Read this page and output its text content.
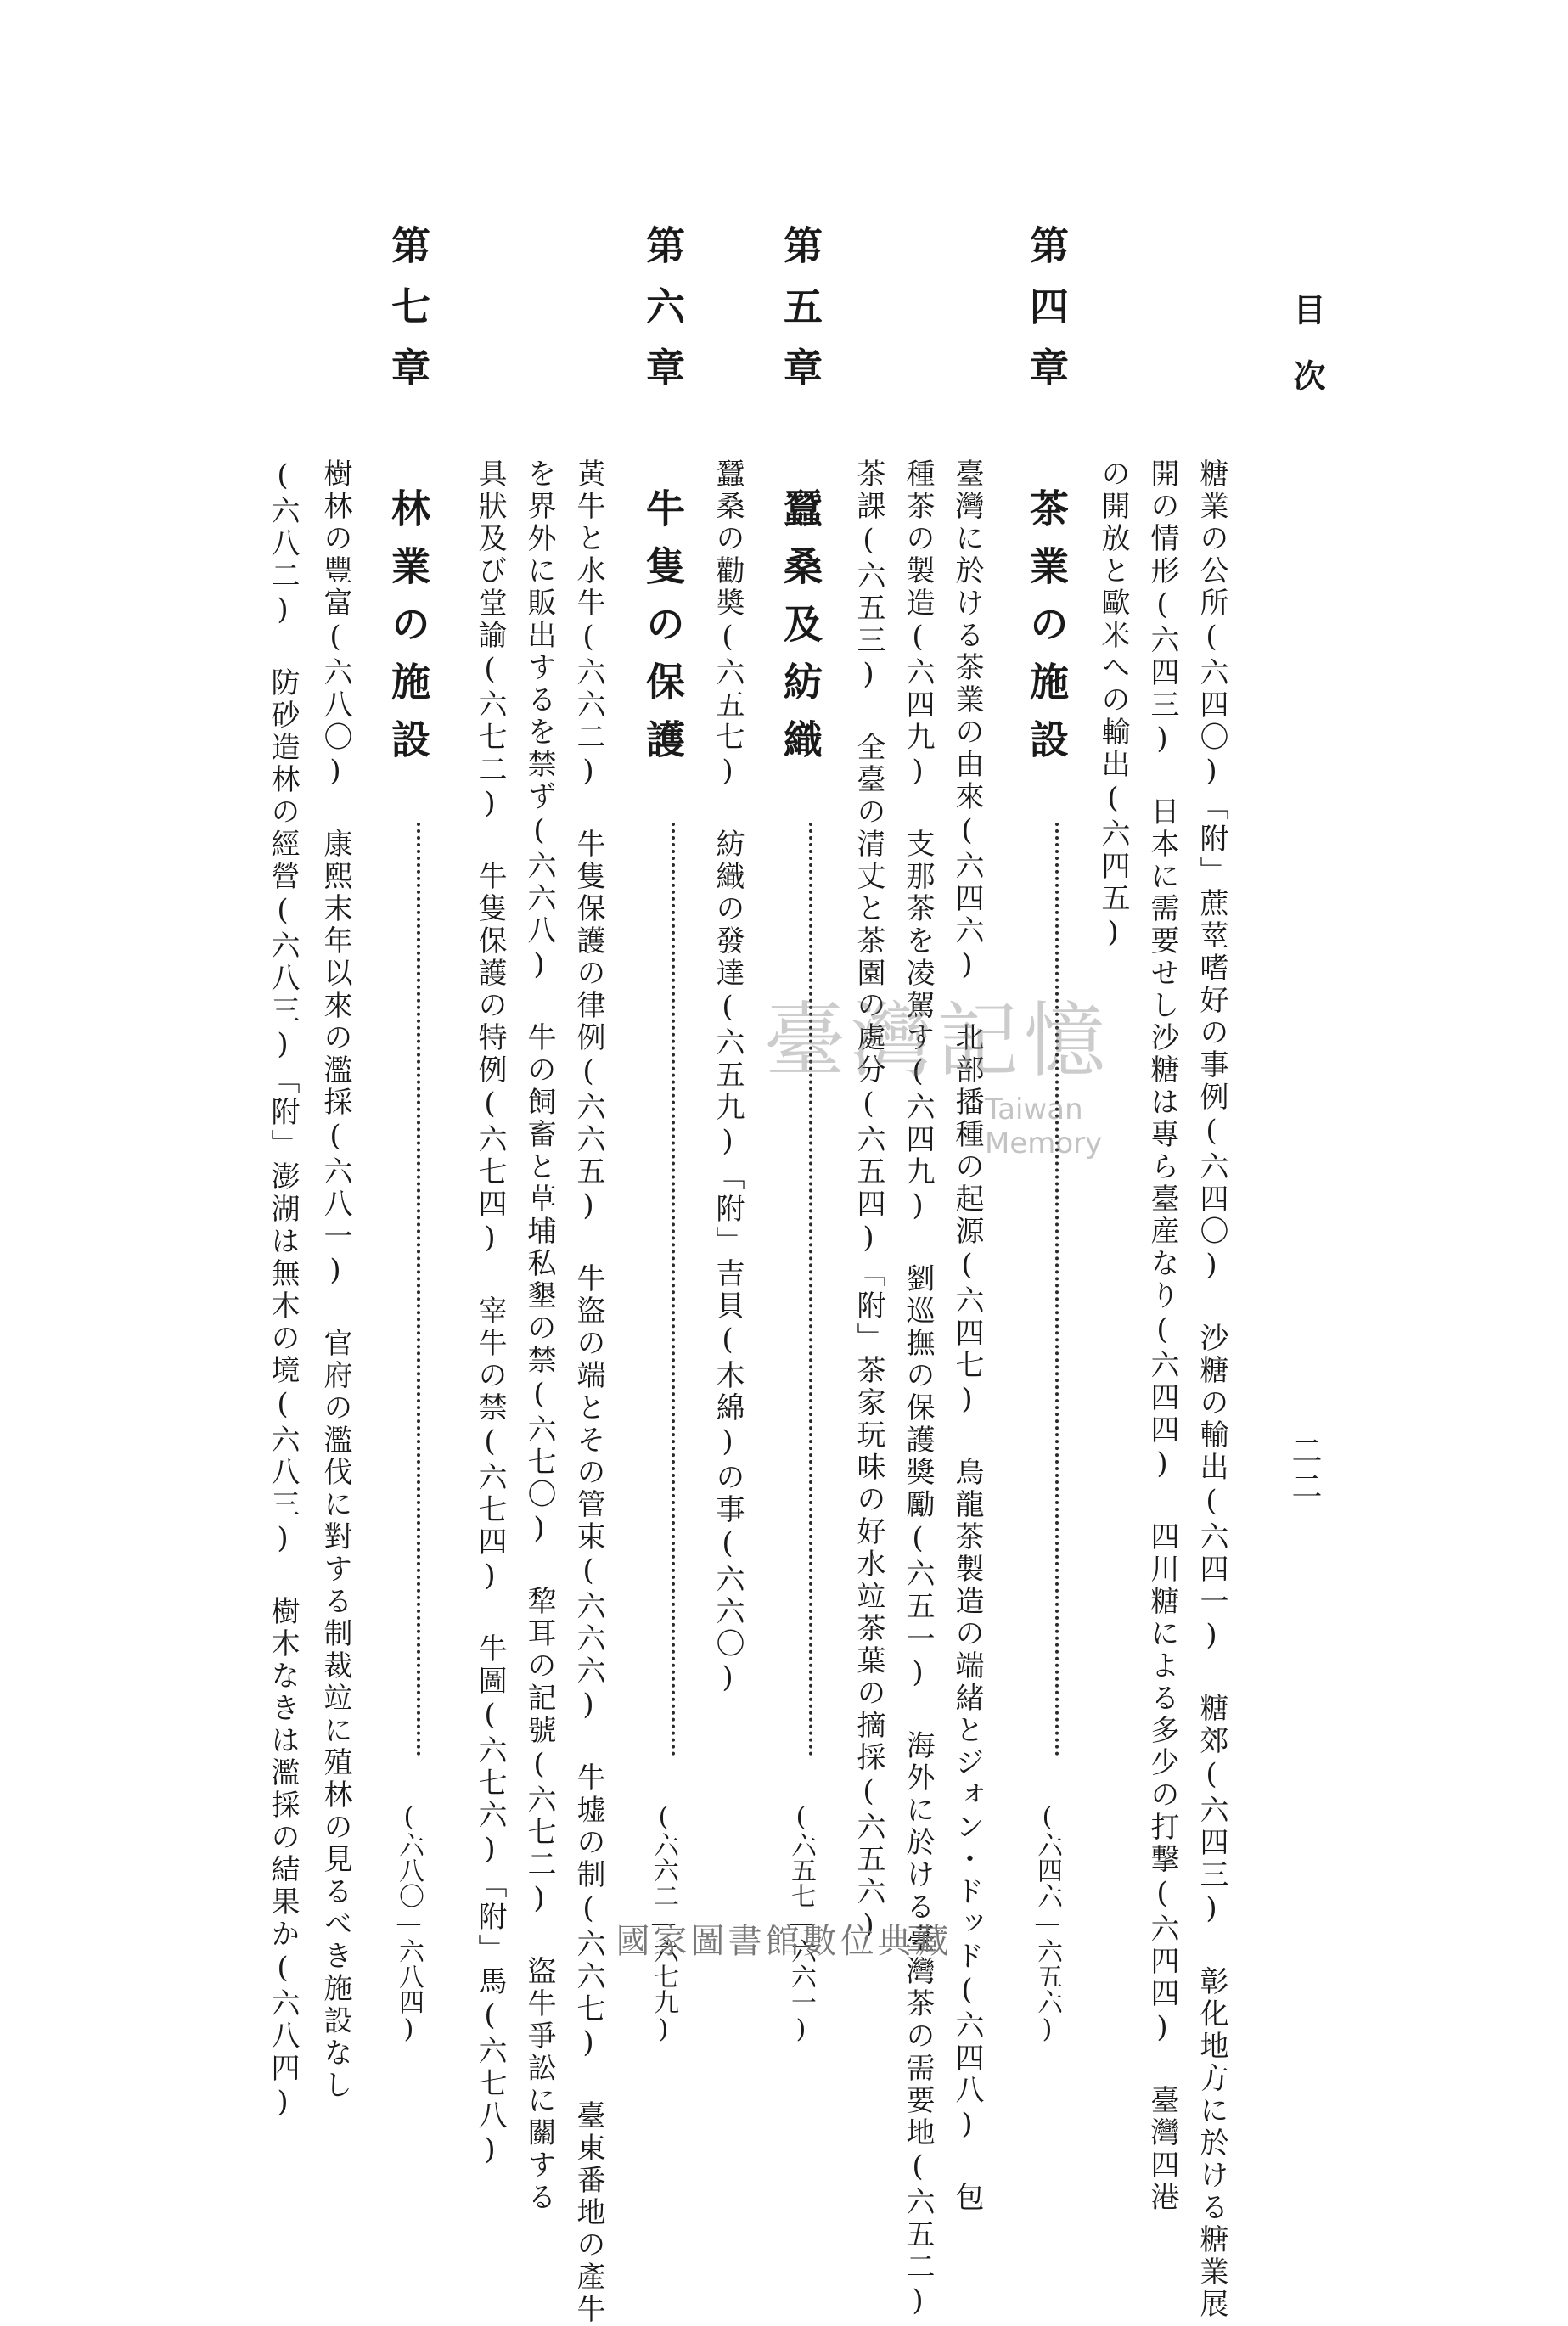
目次
二二
糖業の公所(六四〇)「附」蔗莖嗜好の事例(六四〇) 沙糖の輸出(六四一) 糖郊(六四三) 彰化地方に於ける糖業展
開の情形(六四三) 日本に需要せし沙糖は專ら臺産なり(六四四) 四川糖による多少の打撃(六四四) 臺灣四港
の開放と歐米への輸出(六四五)
第四章 茶業の施設  (六四六—六五六)
臺灣に於ける茶業の由來(六四六) 北部播種の起源(六四七) 烏龍茶製造の端緒とジォン・ドッド(六四八) 包
種茶の製造(六四九) 支那茶を凌駕す(六四九) 劉巡撫の保護獎勵(六五一) 海外に於ける臺灣茶の需要地(六五二)
茶課(六五三) 全臺の清丈と茶園の處分(六五四)「附」茶家玩味の好水竝茶葉の摘採(六五六)
第五章 蠶桑及紡織  (六五七—六六一)
蠶桑の勸奬(六五七) 紡織の發達(六五九)「附」吉貝(木綿)の事(六六〇)
第六章 牛隻の保護  (六六二—六七九)
黃牛と水牛(六六二) 牛隻保護の律例(六六五) 牛盜の端とその管束(六六六) 牛墟の制(六六七) 臺東番地の產牛
を界外に販出するを禁ず(六六八) 牛の飼畜と草埔私墾の禁(六七〇) 犂耳の記號(六七二) 盜牛爭訟に關する
具狀及び堂諭(六七二) 牛隻保護の特例(六七四) 宰牛の禁(六七四) 牛圖(六七六)「附」馬(六七八)
第七章 林業の施設  (六八〇—六八四)
樹林の豐富(六八〇) 康熙末年以來の濫採(六八一) 官府の濫伐に對する制裁竝に殖林の見るべき施設なし
(六八二) 防砂造林の經營(六八三)「附」澎湖は無木の境(六八三) 樹木なきは濫採の結果か(六八四)	臺灣記憶
Taiwan Memory
國家圖書館數位典藏
